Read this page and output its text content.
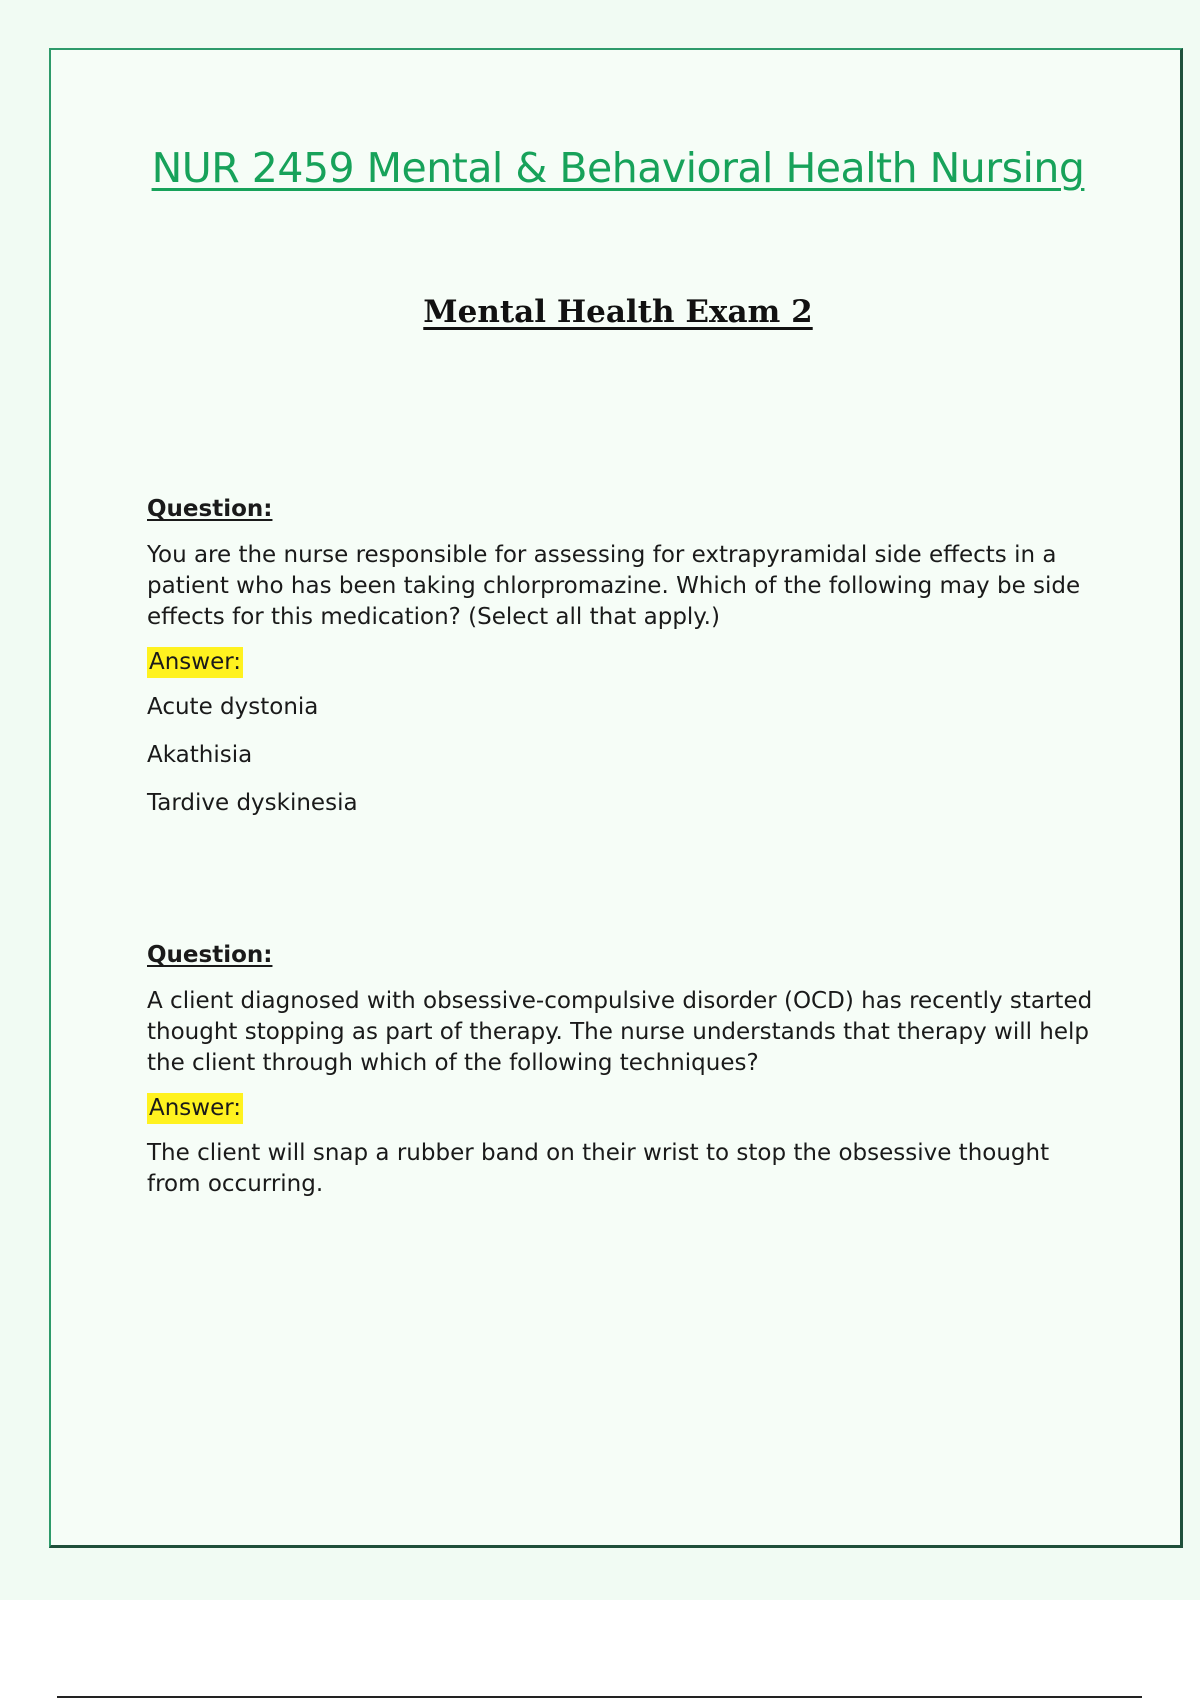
NUR 2459 Mental & Behavioral Health Nursing
Mental Health Exam 2
Question:
You are the nurse responsible for assessing for extrapyramidal side effects in a patient who has been taking chlorpromazine. Which of the following may be side effects for this medication? (Select all that apply.)
Answer:
Acute dystonia
Akathisia
Tardive dyskinesia
Question:
A client diagnosed with obsessive-compulsive disorder (OCD) has recently started thought stopping as part of therapy. The nurse understands that therapy will help the client through which of the following techniques?
Answer:
The client will snap a rubber band on their wrist to stop the obsessive thought from occurring.
